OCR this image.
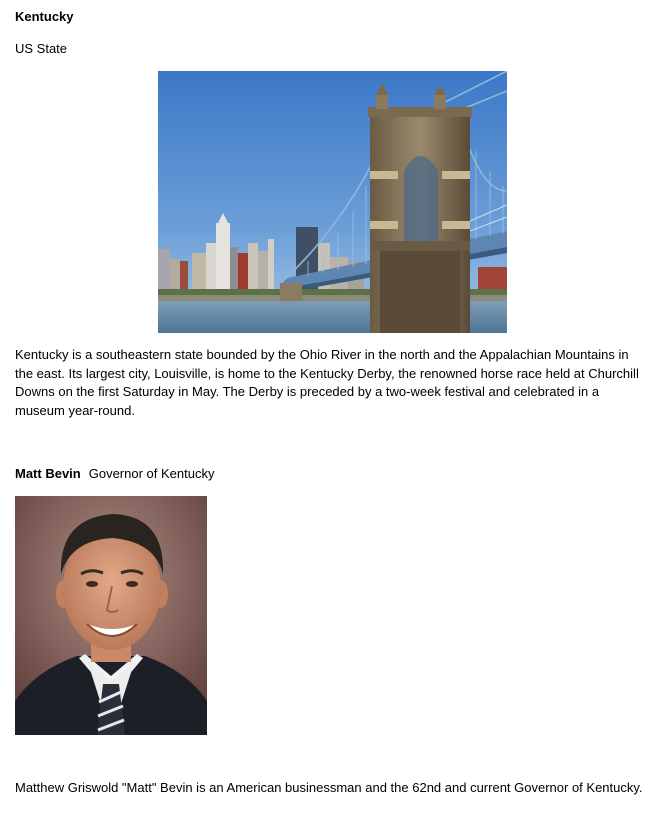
Kentucky
US State
Kentucky is a southeastern state bounded by the Ohio River in the north and the Appalachian Mountains in the east. Its largest city, Louisville, is home to the Kentucky Derby, the renowned horse race held at Churchill Downs on the first Saturday in May. The Derby is preceded by a two-week festival and celebrated in a museum year-round.
Matt Bevin Governor of Kentucky
Matthew Griswold "Matt" Bevin is an American businessman and the 62nd and current Governor of Kentucky.
